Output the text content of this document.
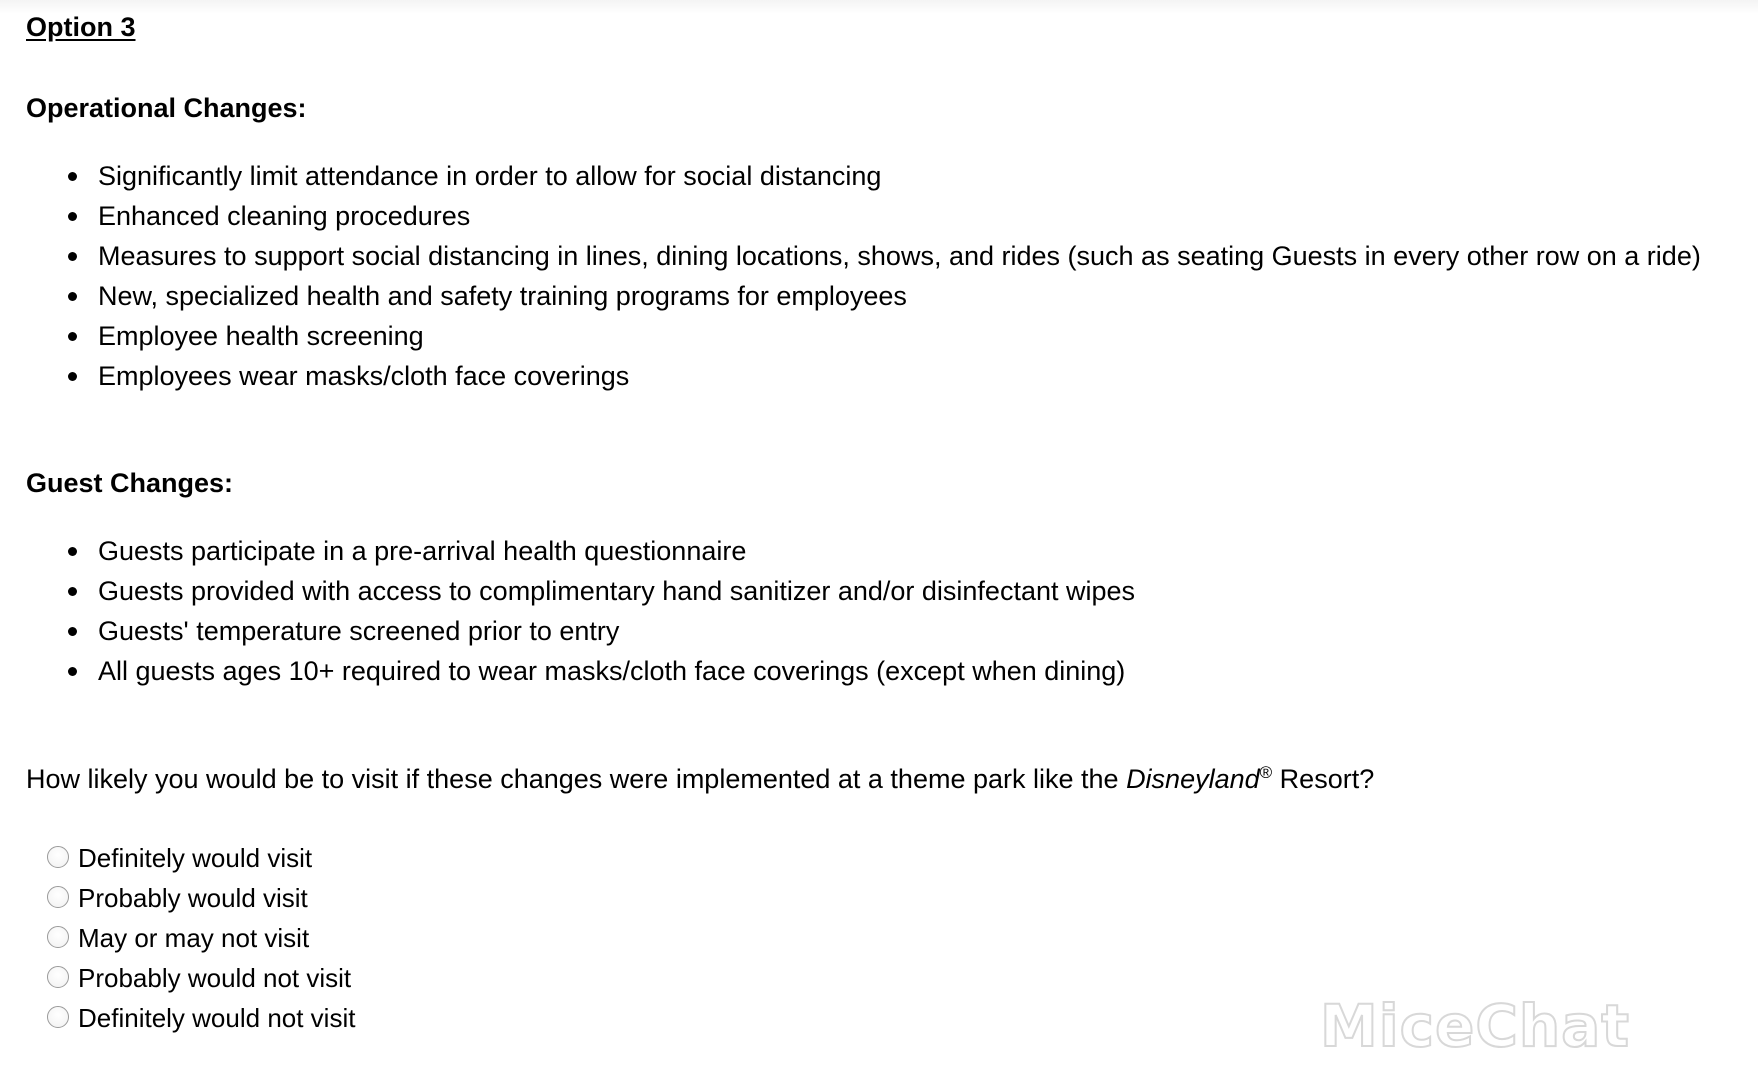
Option 3
Operational Changes:
Significantly limit attendance in order to allow for social distancing
Enhanced cleaning procedures
Measures to support social distancing in lines, dining locations, shows, and rides (such as seating Guests in every other row on a ride)
New, specialized health and safety training programs for employees
Employee health screening
Employees wear masks/cloth face coverings
Guest Changes:
Guests participate in a pre-arrival health questionnaire
Guests provided with access to complimentary hand sanitizer and/or disinfectant wipes
Guests' temperature screened prior to entry
All guests ages 10+ required to wear masks/cloth face coverings (except when dining)
How likely you would be to visit if these changes were implemented at a theme park like the Disneyland® Resort?
Definitely would visit
Probably would visit
May or may not visit
Probably would not visit
Definitely would not visit	MiceChat
